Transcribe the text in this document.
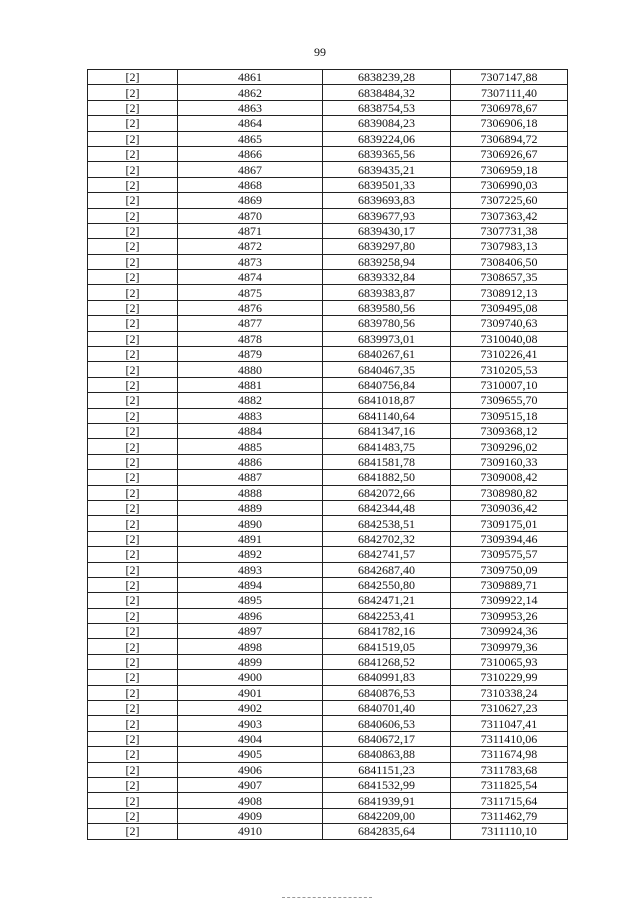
99
[2]	4861	6838239,28	7307147,88
[2]	4862	6838484,32	7307111,40
[2]	4863	6838754,53	7306978,67
[2]	4864	6839084,23	7306906,18
[2]	4865	6839224,06	7306894,72
[2]	4866	6839365,56	7306926,67
[2]	4867	6839435,21	7306959,18
[2]	4868	6839501,33	7306990,03
[2]	4869	6839693,83	7307225,60
[2]	4870	6839677,93	7307363,42
[2]	4871	6839430,17	7307731,38
[2]	4872	6839297,80	7307983,13
[2]	4873	6839258,94	7308406,50
[2]	4874	6839332,84	7308657,35
[2]	4875	6839383,87	7308912,13
[2]	4876	6839580,56	7309495,08
[2]	4877	6839780,56	7309740,63
[2]	4878	6839973,01	7310040,08
[2]	4879	6840267,61	7310226,41
[2]	4880	6840467,35	7310205,53
[2]	4881	6840756,84	7310007,10
[2]	4882	6841018,87	7309655,70
[2]	4883	6841140,64	7309515,18
[2]	4884	6841347,16	7309368,12
[2]	4885	6841483,75	7309296,02
[2]	4886	6841581,78	7309160,33
[2]	4887	6841882,50	7309008,42
[2]	4888	6842072,66	7308980,82
[2]	4889	6842344,48	7309036,42
[2]	4890	6842538,51	7309175,01
[2]	4891	6842702,32	7309394,46
[2]	4892	6842741,57	7309575,57
[2]	4893	6842687,40	7309750,09
[2]	4894	6842550,80	7309889,71
[2]	4895	6842471,21	7309922,14
[2]	4896	6842253,41	7309953,26
[2]	4897	6841782,16	7309924,36
[2]	4898	6841519,05	7309979,36
[2]	4899	6841268,52	7310065,93
[2]	4900	6840991,83	7310229,99
[2]	4901	6840876,53	7310338,24
[2]	4902	6840701,40	7310627,23
[2]	4903	6840606,53	7311047,41
[2]	4904	6840672,17	7311410,06
[2]	4905	6840863,88	7311674,98
[2]	4906	6841151,23	7311783,68
[2]	4907	6841532,99	7311825,54
[2]	4908	6841939,91	7311715,64
[2]	4909	6842209,00	7311462,79
[2]	4910	6842835,64	7311110,10
